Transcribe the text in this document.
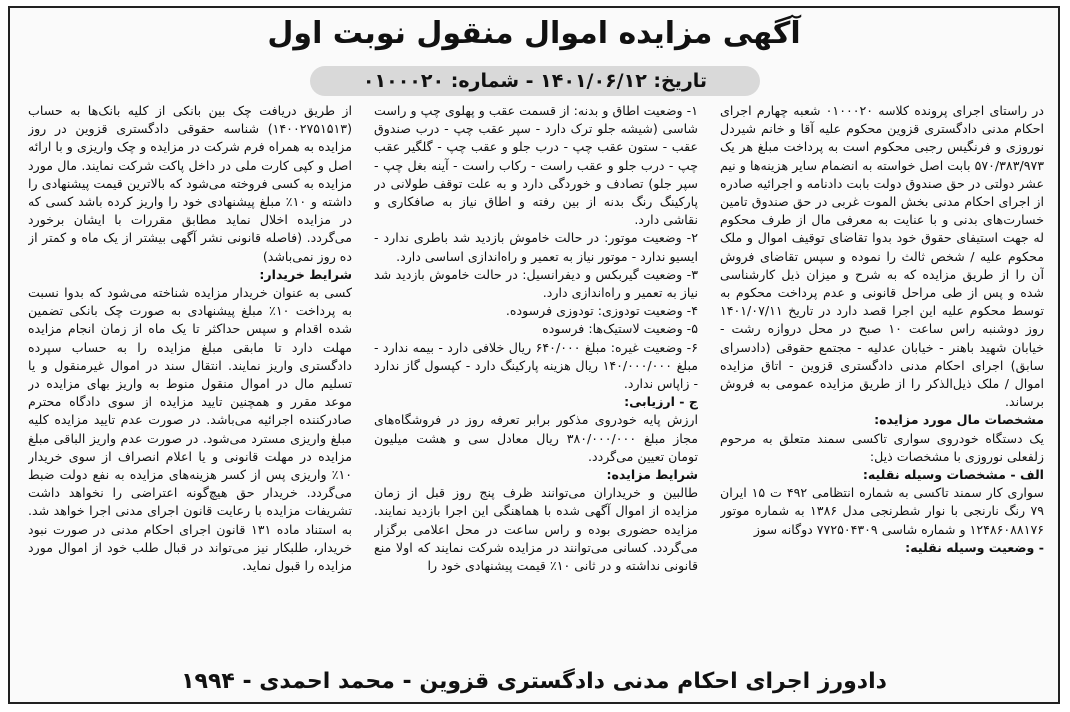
آگهی مزایده اموال منقول نوبت اول
تاریخ: ۱۴۰۱/۰۶/۱۲ - شماره: ۰۱۰۰۰۲۰

در راستای اجرای پرونده کلاسه ۰۱۰۰۰۲۰ شعبه چهارم اجرای احکام مدنی دادگستری قزوین محکوم علیه آقا و خانم شیردل نوروزی و فرنگیس رجبی محکوم است به پرداخت مبلغ هر یک ۵۷۰/۳۸۳/۹۷۳ بابت اصل خواسته به انضمام سایر هزینه‌ها و نیم عشر دولتی در حق صندوق دولت بابت دادنامه و اجرائیه صادره از اجرای احکام مدنی بخش الموت غربی در حق صندوق تامین خسارت‌های بدنی و با عنایت به معرفی مال از طرف محکوم له جهت استیفای حقوق خود بدوا تقاضای توقیف اموال و ملک محکوم علیه / شخص ثالث را نموده و سپس تقاضای فروش آن را از طریق مزایده که به شرح و میزان ذیل کارشناسی شده و پس از طی مراحل قانونی و عدم پرداخت محکوم به توسط محکوم علیه این اجرا قصد دارد در تاریخ ۱۴۰۱/۰۷/۱۱ روز دوشنبه راس ساعت ۱۰ صبح در محل دروازه رشت - خیابان شهید باهنر - خیابان عدلیه - مجتمع حقوقی (دادسرای سابق) اجرای احکام مدنی دادگستری قزوین - اتاق مزایده اموال / ملک ذیل‌الذکر را از طریق مزایده عمومی به فروش برساند.

مشخصات مال مورد مزایده:

یک دستگاه خودروی سواری تاکسی سمند متعلق به مرحوم زلفعلی نوروزی با مشخصات ذیل:

الف - مشخصات وسیله نقلیه:

سواری کار سمند تاکسی به شماره انتظامی ۴۹۲ ت ۱۵ ایران ۷۹ رنگ نارنجی با نوار شطرنجی مدل ۱۳۸۶ به شماره موتور ۱۲۴۸۶۰۸۸۱۷۶ و شماره شاسی ۷۷۲۵۰۴۳۰۹ دوگانه سوز

- وضعیت وسیله نقلیه:

۱- وضعیت اطاق و بدنه: از قسمت عقب و پهلوی چپ و راست شاسی (شیشه جلو ترک دارد - سپر عقب چپ - درب صندوق عقب - ستون عقب چپ - درب جلو و عقب چپ - گلگیر عقب چپ - درب جلو و عقب راست - رکاب راست - آینه بغل چپ - سپر جلو) تصادف و خوردگی دارد و به علت توقف طولانی در پارکینگ رنگ بدنه از بین رفته و اطاق نیاز به صافکاری و نقاشی دارد.

۲- وضعیت موتور: در حالت خاموش بازدید شد باطری ندارد - ایسیو ندارد - موتور نیاز به تعمیر و راه‌اندازی اساسی دارد.

۳- وضعیت گیربکس و دیفرانسیل: در حالت خاموش بازدید شد نیاز به تعمیر و راه‌اندازی دارد.

۴- وضعیت تودوزی: تودوزی فرسوده.

۵- وضعیت لاستیک‌ها: فرسوده

۶- وضعیت غیره: مبلغ ۶۴۰/۰۰۰ ریال خلافی دارد - بیمه ندارد - مبلغ ۱۴۰/۰۰۰/۰۰۰ ریال هزینه پارکینگ دارد - کپسول گاز ندارد - زاپاس ندارد.

ج - ارزیابی:

ارزش پایه خودروی مذکور برابر تعرفه روز در فروشگاه‌های مجاز مبلغ ۳۸۰/۰۰۰/۰۰۰ ریال معادل سی و هشت میلیون تومان تعیین می‌گردد.

شرایط مزایده:

طالبین و خریداران می‌توانند ظرف پنج روز قبل از زمان مزایده از اموال آگهی شده با هماهنگی این اجرا بازدید نمایند. مزایده حضوری بوده و راس ساعت در محل اعلامی برگزار می‌گردد. کسانی می‌توانند در مزایده شرکت نمایند که اولا منع قانونی نداشته و در ثانی ۱۰٪ قیمت پیشنهادی خود را

از طریق دریافت چک بین بانکی از کلیه بانک‌ها به حساب (۱۴۰۰۲۷۵۱۵۱۳) شناسه حقوقی دادگستری قزوین در روز مزایده به همراه فرم شرکت در مزایده و چک واریزی و با ارائه اصل و کپی کارت ملی در داخل پاکت شرکت نمایند. مال مورد مزایده به کسی فروخته می‌شود که بالاترین قیمت پیشنهادی را داشته و ۱۰٪ مبلغ پیشنهادی خود را واریز کرده باشد کسی که در مزایده اخلال نماید مطابق مقررات با ایشان برخورد می‌گردد. (فاصله قانونی نشر آگهی بیشتر از یک ماه و کمتر از ده روز نمی‌باشد)

شرایط خریدار:

کسی به عنوان خریدار مزایده شناخته می‌شود که بدوا نسبت به پرداخت ۱۰٪ مبلغ پیشنهادی به صورت چک بانکی تضمین شده اقدام و سپس حداکثر تا یک ماه از زمان انجام مزایده مهلت دارد تا مابقی مبلغ مزایده را به حساب سپرده دادگستری واریز نمایند. انتقال سند در اموال غیرمنقول و یا تسلیم مال در اموال منقول منوط به واریز بهای مزایده در موعد مقرر و همچنین تایید مزایده از سوی دادگاه محترم صادرکننده اجرائیه می‌باشد. در صورت عدم تایید مزایده کلیه مبلغ واریزی مسترد می‌شود. در صورت عدم واریز الباقی مبلغ مزایده در مهلت قانونی و یا اعلام انصراف از سوی خریدار ۱۰٪ واریزی پس از کسر هزینه‌های مزایده به نفع دولت ضبط می‌گردد. خریدار حق هیچ‌گونه اعتراضی را نخواهد داشت تشریفات مزایده با رعایت قانون اجرای مدنی اجرا خواهد شد. به استناد ماده ۱۳۱ قانون اجرای احکام مدنی در صورت نبود خریدار، طلبکار نیز می‌تواند در قبال طلب خود از اموال مورد مزایده را قبول نماید.

دادورز اجرای احکام مدنی دادگستری قزوین - محمد احمدی - ۱۹۹۴
